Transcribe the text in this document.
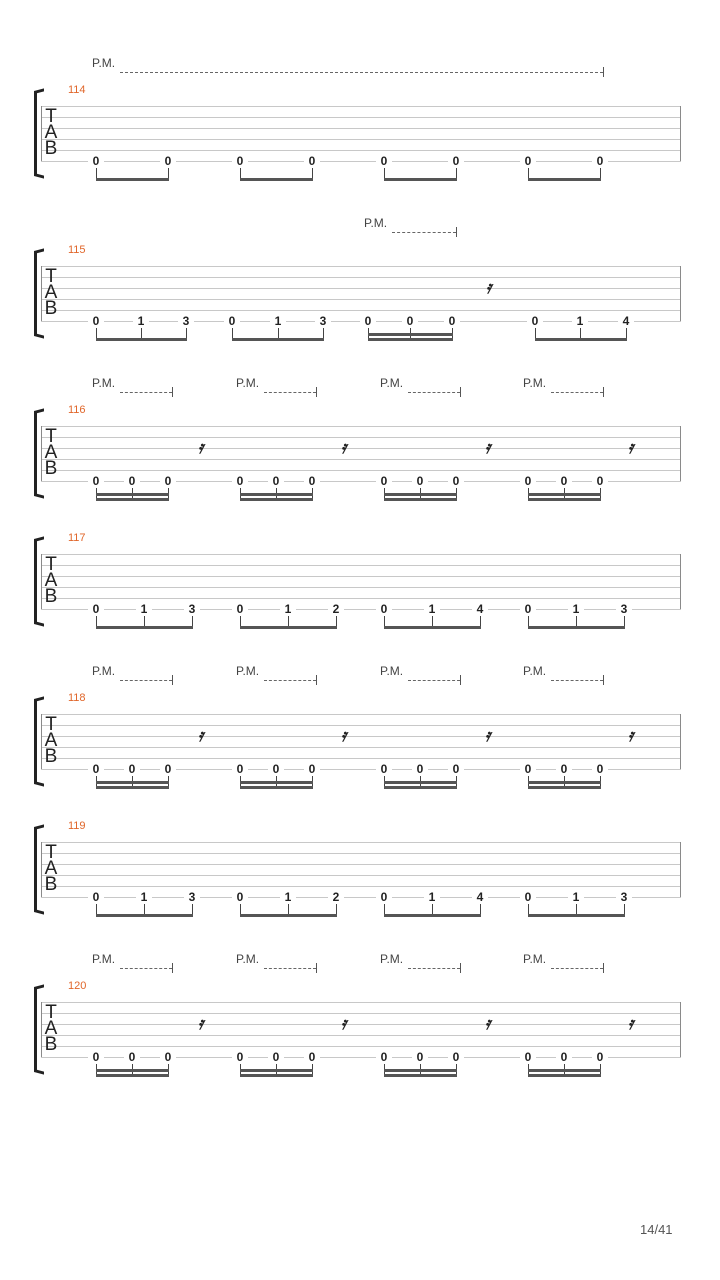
T
A
B
114
P.M.
0	0	0	0	0	0	0	0
T
A
B
115
P.M.
0	1	3	0	1	3	0	0	0	0	1	4
𝄿
T
A
B
116
P.M.	P.M.	P.M.	P.M.
0	0	0	0	0	0	0	0	0	0	0	0
𝄿	𝄿	𝄿	𝄿
T
A
B
117
0	1	3	0	1	2	0	1	4	0	1	3
T
A
B
118
P.M.	P.M.	P.M.	P.M.
0	0	0	0	0	0	0	0	0	0	0	0
𝄿	𝄿	𝄿	𝄿
T
A
B
119
0	1	3	0	1	2	0	1	4	0	1	3
T
A
B
120
P.M.	P.M.	P.M.	P.M.
0	0	0	0	0	0	0	0	0	0	0	0
𝄿	𝄿	𝄿	𝄿
14/41
